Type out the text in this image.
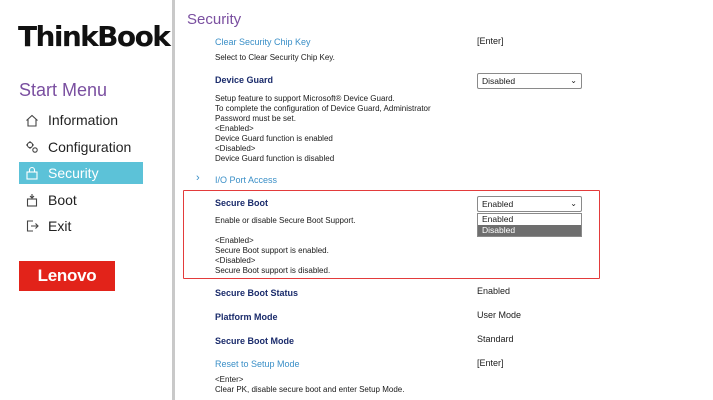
ThinkBook
Start Menu
Information
Configuration
Security
Boot
Exit
Lenovo
Security
Clear Security Chip Key	[Enter]
Select to Clear Security Chip Key.
Device Guard	Disabled	⌄
Setup feature to support Microsoft® Device Guard.
To complete the configuration of Device Guard, Administrator
Password must be set.
<Enabled>
Device Guard function is enabled
<Disabled>
Device Guard function is disabled
› I/O Port Access
Secure Boot	Enabled	⌄
Enabled
Disabled
Enable or disable Secure Boot Support.
<Enabled>
Secure Boot support is enabled.
<Disabled>
Secure Boot support is disabled.
Secure Boot Status	Enabled
Platform Mode	User Mode
Secure Boot Mode	Standard
Reset to Setup Mode	[Enter]
<Enter>
Clear PK, disable secure boot and enter Setup Mode.
